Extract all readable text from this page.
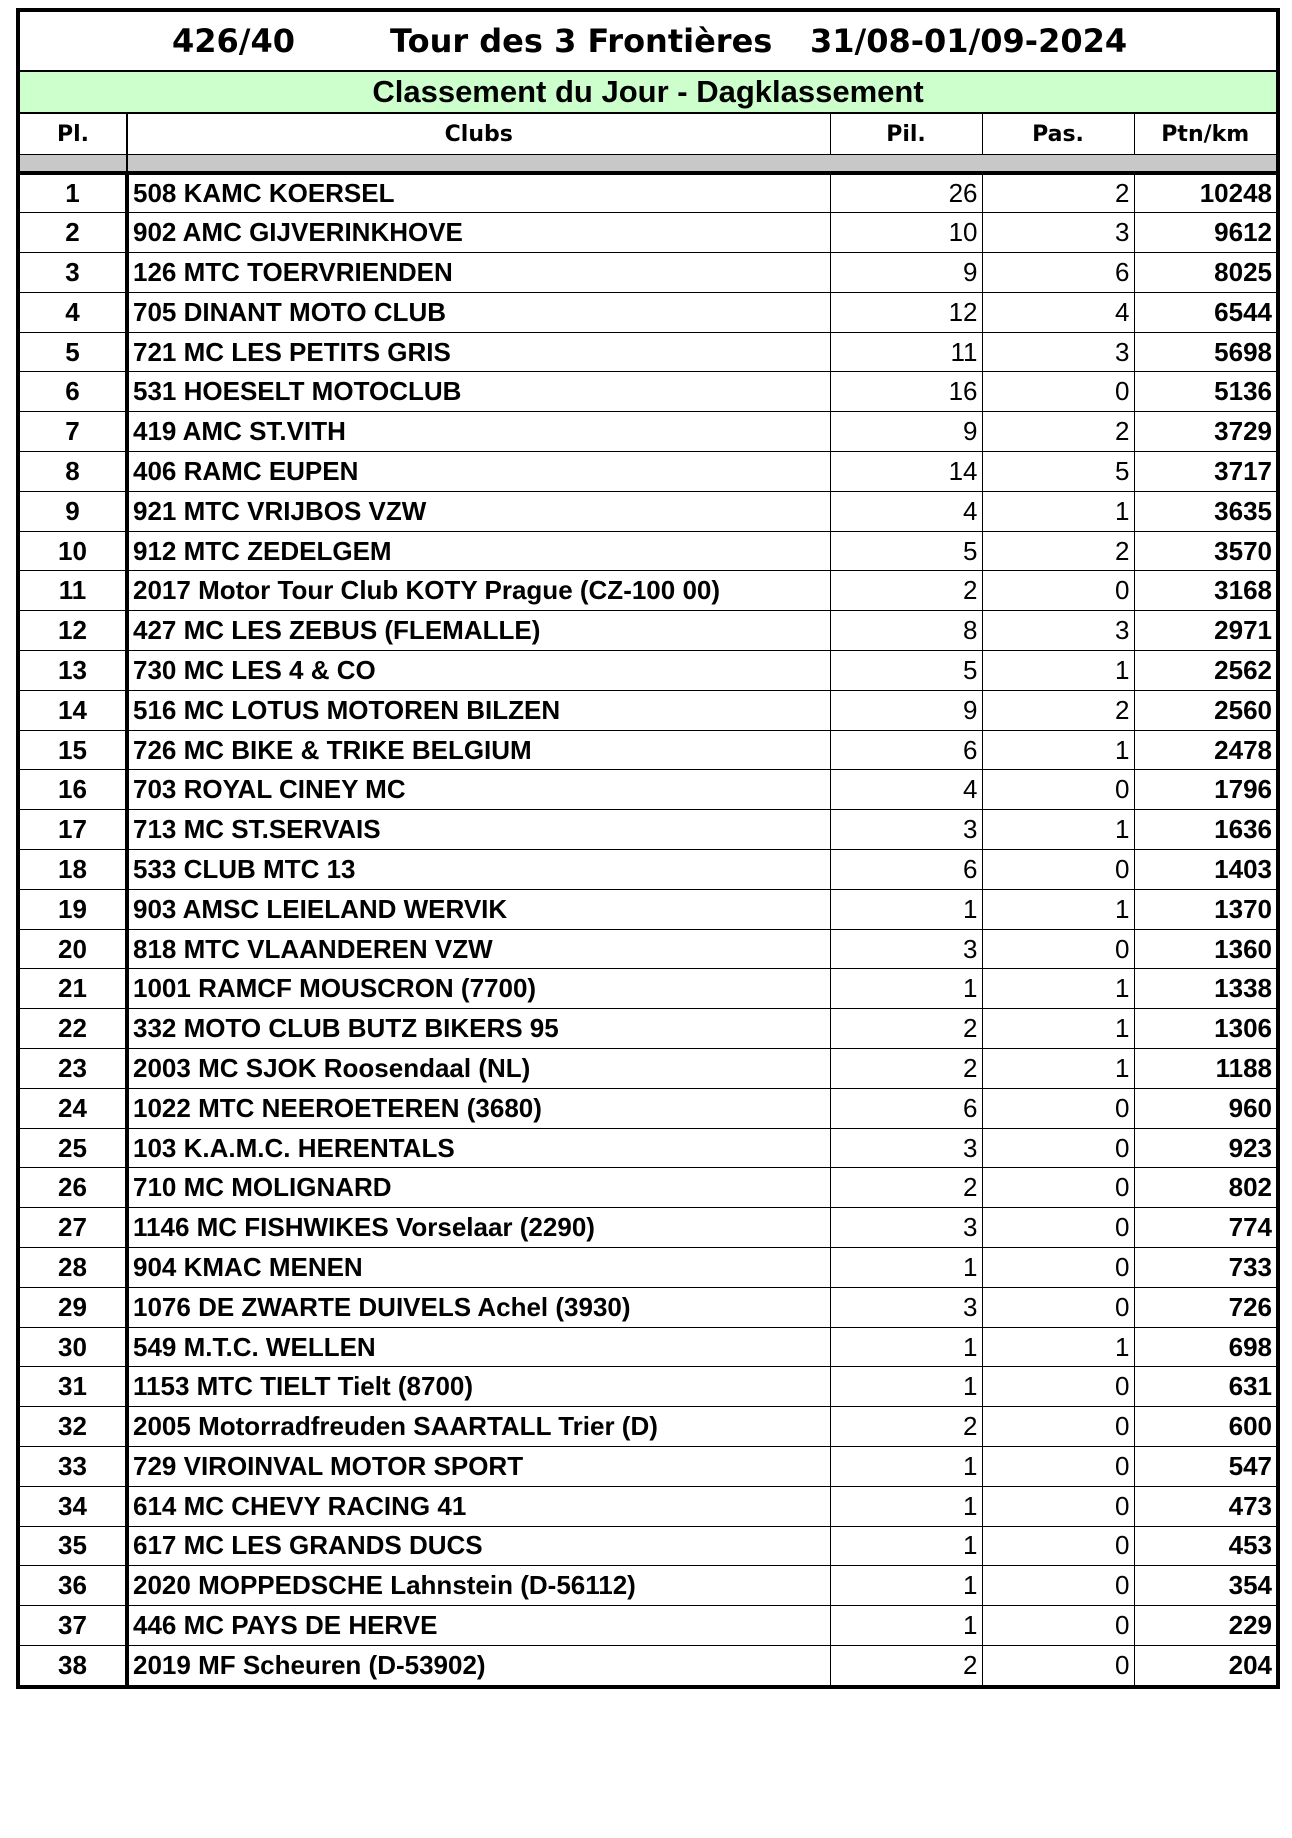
426/40	Tour des 3 Frontières 31/08-01/09-2024
Classement du Jour - Dagklassement
Pl.	Clubs	Pil.	Pas.	Ptn/km

1	508 KAMC KOERSEL	26	2	10248
2	902 AMC GIJVERINKHOVE	10	3	9612
3	126 MTC TOERVRIENDEN	9	6	8025
4	705 DINANT MOTO CLUB	12	4	6544
5	721 MC LES PETITS GRIS	11	3	5698
6	531 HOESELT MOTOCLUB	16	0	5136
7	419 AMC ST.VITH	9	2	3729
8	406 RAMC EUPEN	14	5	3717
9	921 MTC VRIJBOS VZW	4	1	3635
10	912 MTC ZEDELGEM	5	2	3570
11	2017 Motor Tour Club KOTY Prague (CZ-100 00)	2	0	3168
12	427 MC LES ZEBUS (FLEMALLE)	8	3	2971
13	730 MC LES 4 & CO	5	1	2562
14	516 MC LOTUS MOTOREN BILZEN	9	2	2560
15	726 MC BIKE & TRIKE BELGIUM	6	1	2478
16	703 ROYAL CINEY MC	4	0	1796
17	713 MC ST.SERVAIS	3	1	1636
18	533 CLUB MTC 13	6	0	1403
19	903 AMSC LEIELAND WERVIK	1	1	1370
20	818 MTC VLAANDEREN VZW	3	0	1360
21	1001 RAMCF MOUSCRON (7700)	1	1	1338
22	332 MOTO CLUB BUTZ BIKERS 95	2	1	1306
23	2003 MC SJOK Roosendaal (NL)	2	1	1188
24	1022 MTC NEEROETEREN (3680)	6	0	960
25	103 K.A.M.C. HERENTALS	3	0	923
26	710 MC MOLIGNARD	2	0	802
27	1146 MC FISHWIKES Vorselaar (2290)	3	0	774
28	904 KMAC MENEN	1	0	733
29	1076 DE ZWARTE DUIVELS Achel (3930)	3	0	726
30	549 M.T.C. WELLEN	1	1	698
31	1153 MTC TIELT Tielt (8700)	1	0	631
32	2005 Motorradfreuden SAARTALL Trier (D)	2	0	600
33	729 VIROINVAL MOTOR SPORT	1	0	547
34	614 MC CHEVY RACING 41	1	0	473
35	617 MC LES GRANDS DUCS	1	0	453
36	2020 MOPPEDSCHE Lahnstein (D-56112)	1	0	354
37	446 MC PAYS DE HERVE	1	0	229
38	2019 MF Scheuren (D-53902)	2	0	204
